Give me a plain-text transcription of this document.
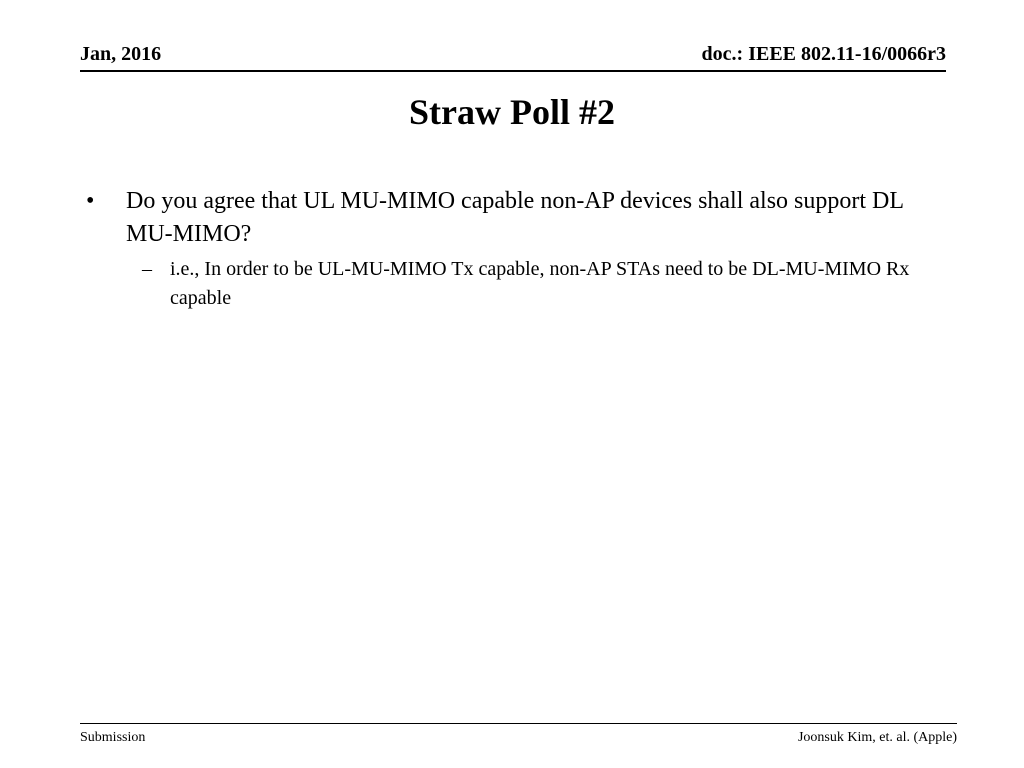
Jan, 2016	doc.: IEEE 802.11-16/0066r3
Straw Poll #2
•	Do you agree that UL MU-MIMO capable non-AP devices shall also support DL MU-MIMO?
– i.e., In order to be UL-MU-MIMO Tx capable, non-AP STAs need to be DL-MU-MIMO Rx capable
Submission	Joonsuk Kim, et. al. (Apple)
